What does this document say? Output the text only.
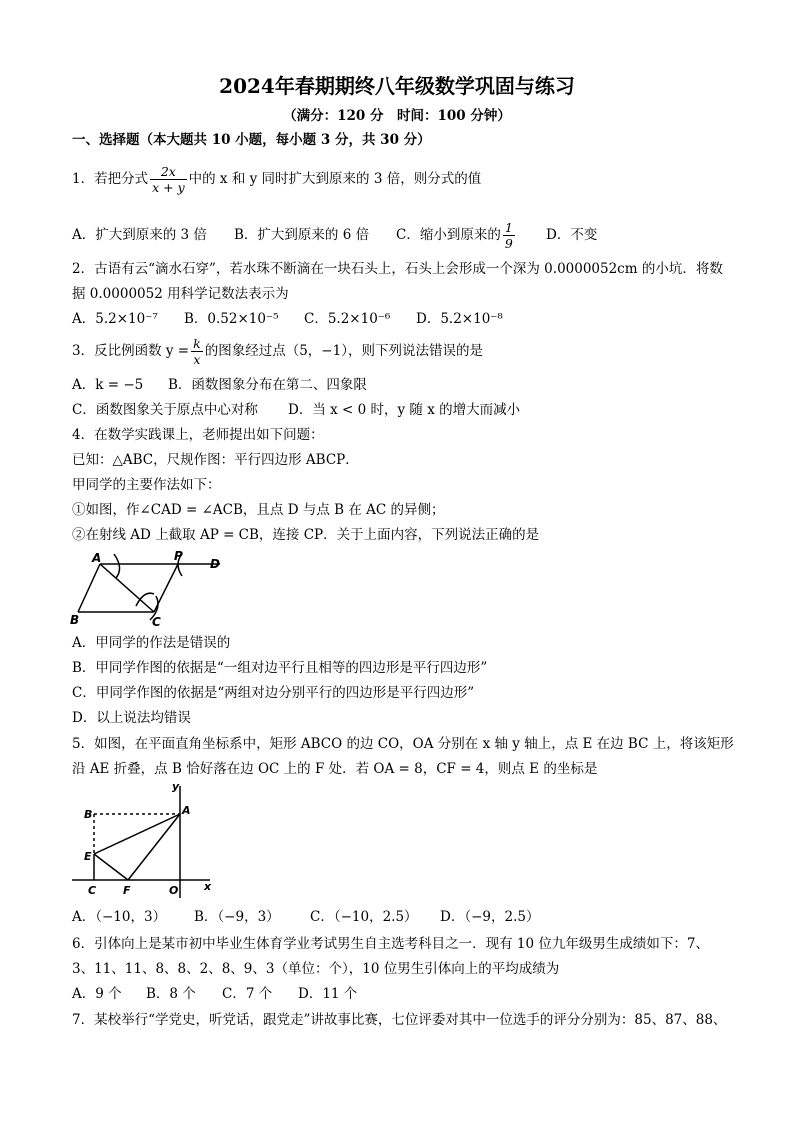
2024年春期期终八年级数学巩固与练习
（满分：120 分　时间：100 分钟）
一、选择题（本大题共 10 小题，每小题 3 分，共 30 分）
1．若把分式 $\frac{2x}{x + y}$ 中的 x 和 y 同时扩大到原来的 3 倍，则分式的值
A．扩大到原来的 3 倍 B．扩大到原来的 6 倍 C．缩小到原来的 $\frac{1}{9}$ D．不变
2．古语有云“滴水石穿”，若水珠不断滴在一块石头上，石头上会形成一个深为 0.0000052cm 的小坑．将数
据 0.0000052 用科学记数法表示为
A．5.2×10⁻⁷ B．0.52×10⁻⁵ C．5.2×10⁻⁶ D．5.2×10⁻⁸
3．反比例函数 $y = \frac{k}{x}$ 的图象经过点（5，−1），则下列说法错误的是
A．k = −5 B．函数图象分布在第二、四象限
C．函数图象关于原点中心对称 D．当 x < 0 时，y 随 x 的增大而减小
4．在数学实践课上，老师提出如下问题：
已知：△ABC，尺规作图：平行四边形 ABCP．
甲同学的主要作法如下：
①如图，作∠CAD = ∠ACB，且点 D 与点 B 在 AC 的异侧；
②在射线 AD 上截取 AP = CB，连接 CP．关于上面内容，下列说法正确的是
A	P
D
B	C
A．甲同学的作法是错误的
B．甲同学作图的依据是“一组对边平行且相等的四边形是平行四边形”
C．甲同学作图的依据是“两组对边分别平行的四边形是平行四边形”
D．以上说法均错误
5．如图，在平面直角坐标系中，矩形 ABCO 的边 CO，OA 分别在 x 轴 y 轴上，点 E 在边 BC 上，将该矩形
沿 AE 折叠，点 B 恰好落在边 OC 上的 F 处．若 OA = 8，CF = 4，则点 E 的坐标是
y
x
B	A
E
C F	O
A．（−10，3） B．（−9，3） C．（−10，2.5） D．（−9，2.5）
6．引体向上是某市初中毕业生体育学业考试男生自主选考科目之一．现有 10 位九年级男生成绩如下：7、
3、11、11、8、8、2、8、9、3（单位：个），10 位男生引体向上的平均成绩为
A．9 个 B．8 个 C．7 个 D．11 个
7．某校举行“学党史，听党话，跟党走”讲故事比赛，七位评委对其中一位选手的评分分别为：85、87、88、
